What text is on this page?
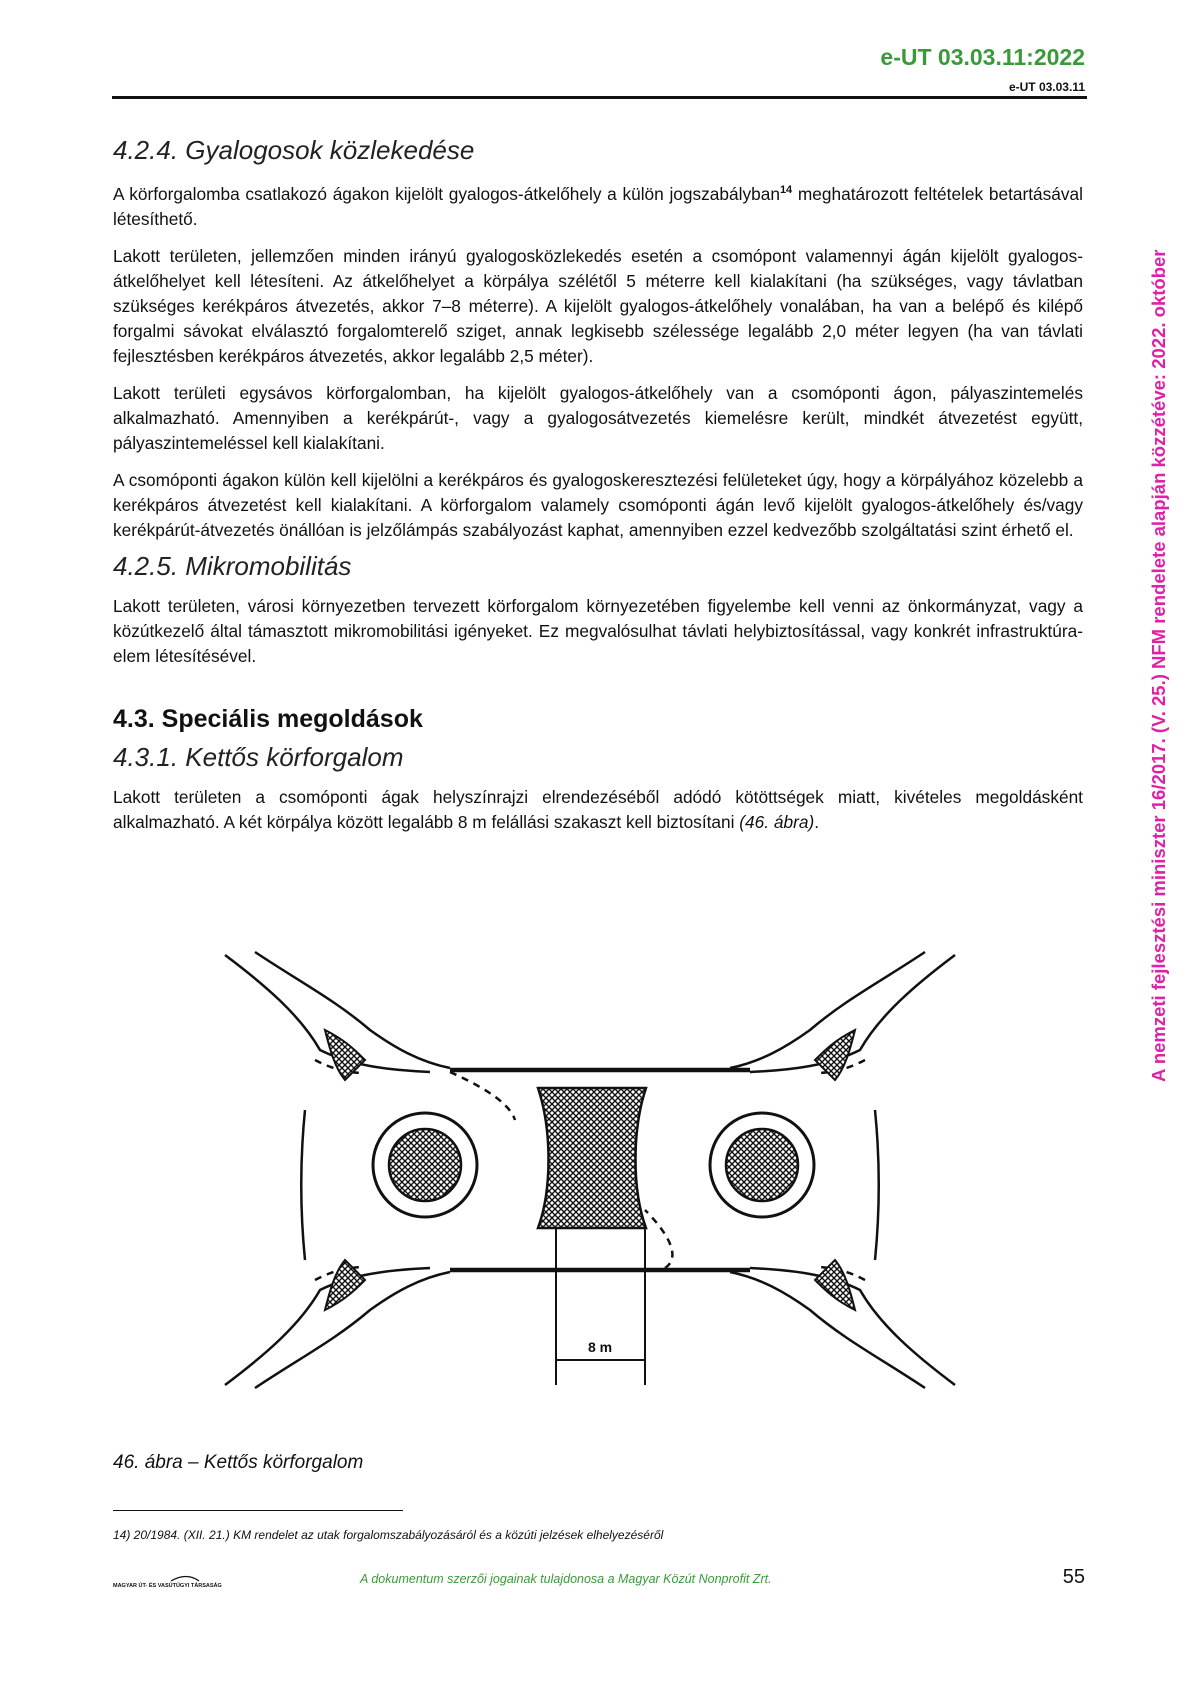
e-UT 03.03.11:2022
e-UT 03.03.11
A nemzeti fejlesztési miniszter 16/2017. (V. 25.) NFM rendelete alapján közzétéve: 2022. október
4.2.4. Gyalogosok közlekedése

A körforgalomba csatlakozó ágakon kijelölt gyalogos-átkelőhely a külön jogszabályban$^{14}$ meghatározott feltételek betartásával létesíthető.

Lakott területen, jellemzően minden irányú gyalogosközlekedés esetén a csomópont valamennyi ágán kijelölt gyalogos-átkelőhelyet kell létesíteni. Az átkelőhelyet a körpálya szélétől 5 méterre kell kialakítani (ha szükséges, vagy távlatban szükséges kerékpáros átvezetés, akkor 7–8 méterre). A kijelölt gyalogos-átkelőhely vonalában, ha van a belépő és kilépő forgalmi sávokat elválasztó forgalomterelő sziget, annak legkisebb szélessége legalább 2,0 méter legyen (ha van távlati fejlesztésben kerékpáros átvezetés, akkor legalább 2,5 méter).

Lakott területi egysávos körforgalomban, ha kijelölt gyalogos-átkelőhely van a csomóponti ágon, pályaszintemelés alkalmazható. Amennyiben a kerékpárút-, vagy a gyalogosátvezetés kiemelésre került, mindkét átvezetést együtt, pályaszintemeléssel kell kialakítani.

A csomóponti ágakon külön kell kijelölni a kerékpáros és gyalogoskeresztezési felületeket úgy, hogy a körpályához közelebb a kerékpáros átvezetést kell kialakítani. A körforgalom valamely csomóponti ágán levő kijelölt gyalogos-átkelőhely és/vagy kerékpárút-átvezetés önállóan is jelzőlámpás szabályozást kaphat, amennyiben ezzel kedvezőbb szolgáltatási szint érhető el.

4.2.5. Mikromobilitás

Lakott területen, városi környezetben tervezett körforgalom környezetében figyelembe kell venni az önkormányzat, vagy a közútkezelő által támasztott mikromobilitási igényeket. Ez megvalósulhat távlati helybiztosítással, vagy konkrét infrastruktúra-elem létesítésével.

4.3. Speciális megoldások
4.3.1. Kettős körforgalom

Lakott területen a csomóponti ágak helyszínrajzi elrendezéséből adódó kötöttségek miatt, kivételes megoldásként alkalmazható. A két körpálya között legalább 8 m felállási szakaszt kell biztosítani (46. ábra).

8 m
46. ábra – Kettős körforgalom
14) 20/1984. (XII. 21.) KM rendelet az utak forgalomszabályozásáról és a közúti jelzések elhelyezéséről
MAGYAR ÚT- ÉS VASÚTÜGYI TÁRSASÁG	A dokumentum szerzői jogainak tulajdonosa a Magyar Közút Nonprofit Zrt.	55
